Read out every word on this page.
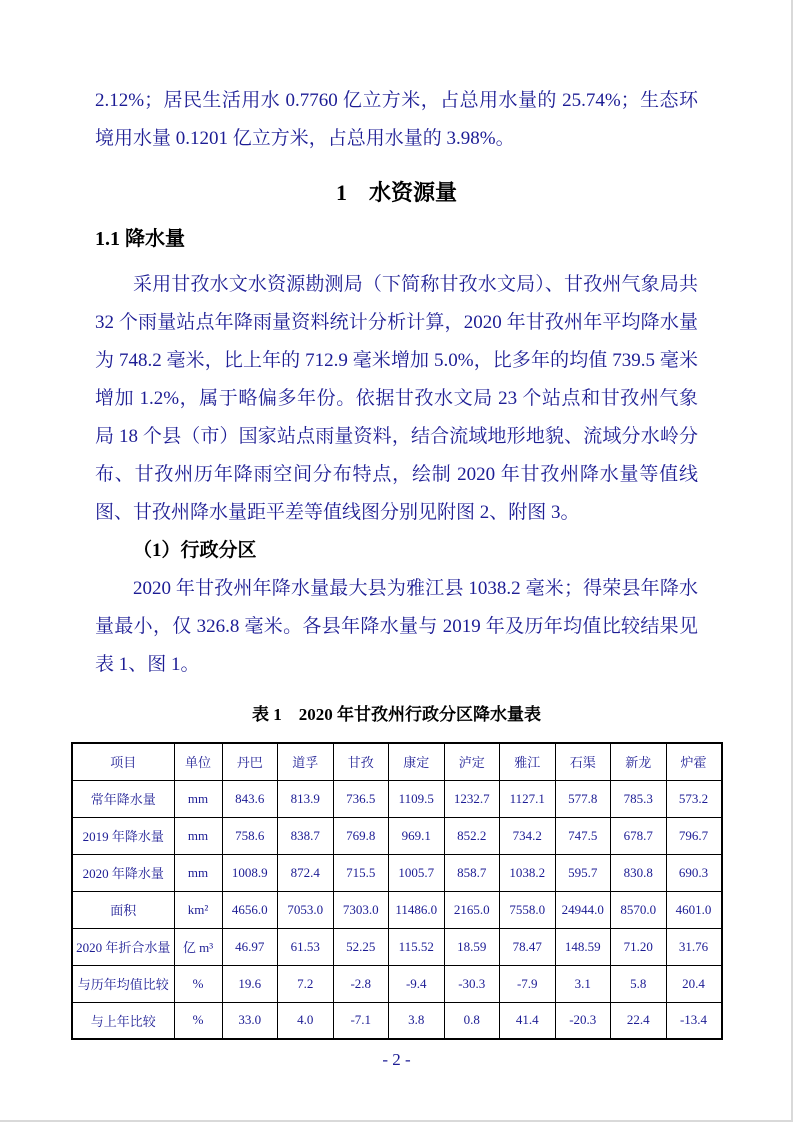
2.12%；居民生活用水 0.7760 亿立方米，占总用水量的 25.74%；生态环境用水量 0.1201 亿立方米，占总用水量的 3.98%。

1　水资源量
1.1 降水量

采用甘孜水文水资源勘测局（下简称甘孜水文局）、甘孜州气象局共 32 个雨量站点年降雨量资料统计分析计算，2020 年甘孜州年平均降水量为 748.2 毫米，比上年的 712.9 毫米增加 5.0%，比多年的均值 739.5 毫米增加 1.2%，属于略偏多年份。依据甘孜水文局 23 个站点和甘孜州气象局 18 个县（市）国家站点雨量资料，结合流域地形地貌、流域分水岭分布、甘孜州历年降雨空间分布特点，绘制 2020 年甘孜州降水量等值线图、甘孜州降水量距平差等值线图分别见附图 2、附图 3。

（1）行政分区

2020 年甘孜州年降水量最大县为雅江县 1038.2 毫米；得荣县年降水量最小，仅 326.8 毫米。各县年降水量与 2019 年及历年均值比较结果见表 1、图 1。

表 1　2020 年甘孜州行政分区降水量表
项目	单位	丹巴	道孚	甘孜	康定	泸定	雅江	石渠	新龙	炉霍
常年降水量	mm	843.6	813.9	736.5	1109.5	1232.7	1127.1	577.8	785.3	573.2
2019 年降水量	mm	758.6	838.7	769.8	969.1	852.2	734.2	747.5	678.7	796.7
2020 年降水量	mm	1008.9	872.4	715.5	1005.7	858.7	1038.2	595.7	830.8	690.3
面积	km²	4656.0	7053.0	7303.0	11486.0	2165.0	7558.0	24944.0	8570.0	4601.0
2020 年折合水量	亿 m³	46.97	61.53	52.25	115.52	18.59	78.47	148.59	71.20	31.76
与历年均值比较	%	19.6	7.2	-2.8	-9.4	-30.3	-7.9	3.1	5.8	20.4
与上年比较	%	33.0	4.0	-7.1	3.8	0.8	41.4	-20.3	22.4	-13.4
- 2 -
